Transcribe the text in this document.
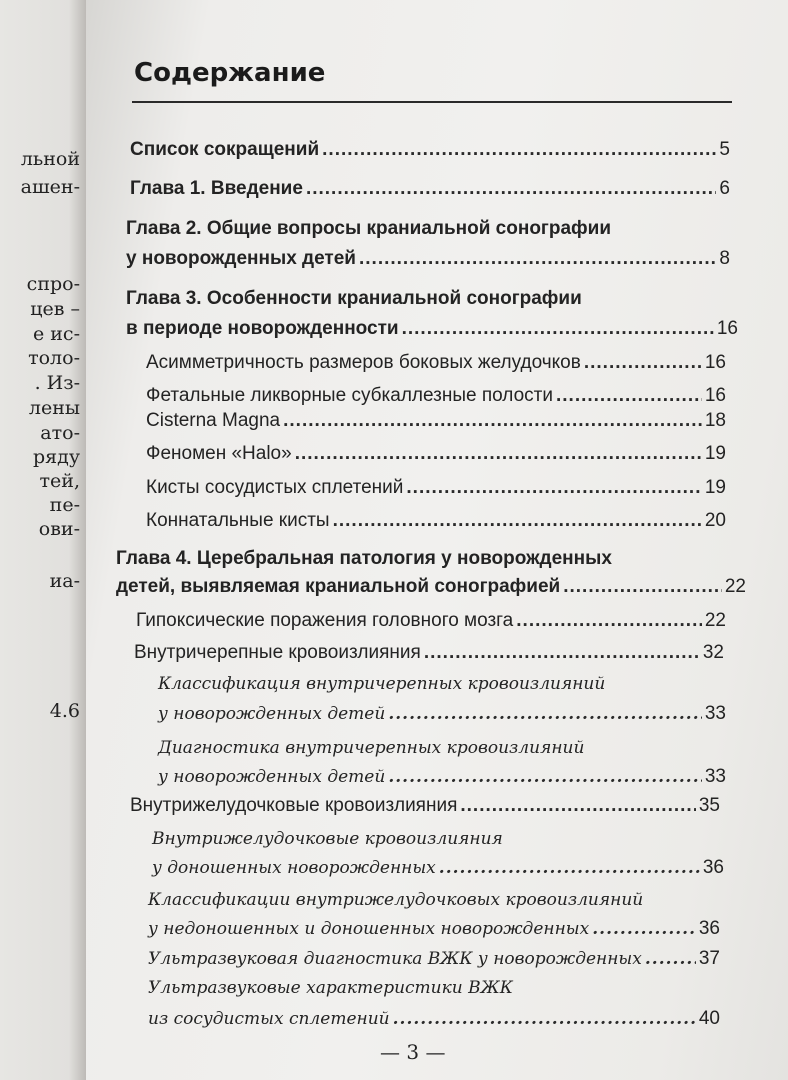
льной
ашен-
спро-
цев –
е ис-
толо-
. Из-
лены
ато-
ряду
тей,
пе-
ови-
иа-
4.6
Содержание
Список сокращений .....	5
Глава 1. Введение .....	6
Глава 2. Общие вопросы краниальной сонографии
у новорожденных детей .....	8
Глава 3. Особенности краниальной сонографии
в периоде новорожденности .....	16
Асимметричность размеров боковых желудочков .....	16
Фетальные ликворные субкаллезные полости .....	16
Cisterna Magna .....	18
Феномен «Halo» .....	19
Кисты сосудистых сплетений .....	19
Коннатальные кисты .....	20
Глава 4. Церебральная патология у новорожденных
детей, выявляемая краниальной сонографией .....	22
Гипоксические поражения головного мозга .....	22
Внутричерепные кровоизлияния .....	32
Классификация внутричерепных кровоизлияний
у новорожденных детей .....	33
Диагностика внутричерепных кровоизлияний
у новорожденных детей .....	33
Внутрижелудочковые кровоизлияния .....	35
Внутрижелудочковые кровоизлияния
у доношенных новорожденных .....	36
Классификации внутрижелудочковых кровоизлияний
у недоношенных и доношенных новорожденных .....	36
Ультразвуковая диагностика ВЖК у новорожденных .....	37
Ультразвуковые характеристики ВЖК
из сосудистых сплетений .....	40
— 3 —
